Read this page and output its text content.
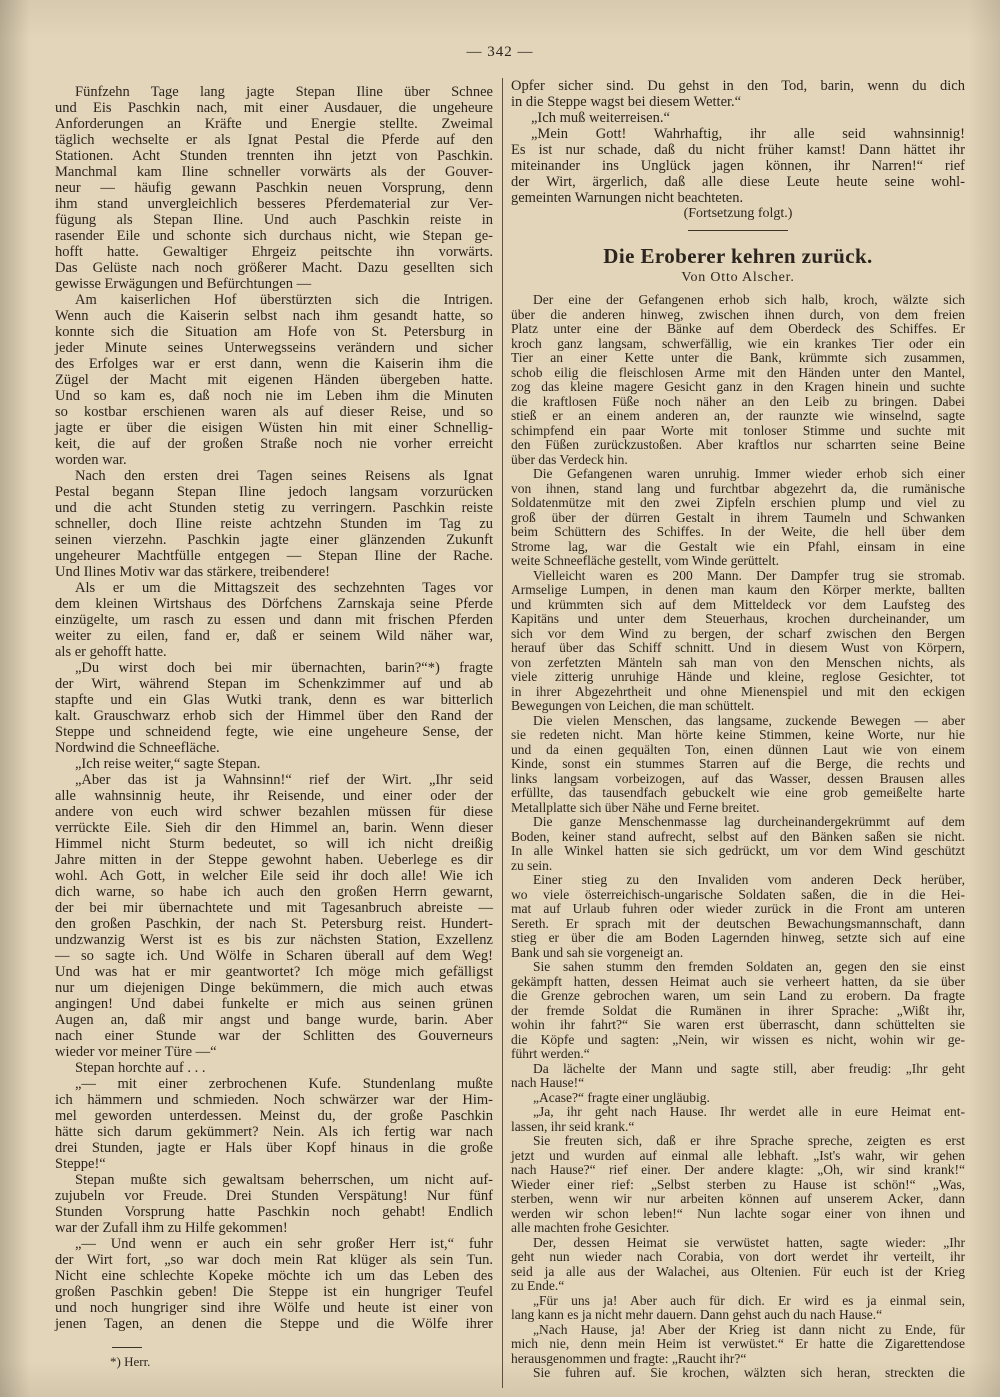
— 342 —
Fünfzehn Tage lang jagte Stepan Iline über Schnee
und Eis Paschkin nach, mit einer Ausdauer, die ungeheure
Anforderungen an Kräfte und Energie stellte. Zweimal
täglich wechselte er als Ignat Pestal die Pferde auf den
Stationen. Acht Stunden trennten ihn jetzt von Paschkin.
Manchmal kam Iline schneller vorwärts als der Gouver-
neur — häufig gewann Paschkin neuen Vorsprung, denn
ihm stand unvergleichlich besseres Pferdematerial zur Ver-
fügung als Stepan Iline. Und auch Paschkin reiste in
rasender Eile und schonte sich durchaus nicht, wie Stepan ge-
hofft hatte. Gewaltiger Ehrgeiz peitschte ihn vorwärts.
Das Gelüste nach noch größerer Macht. Dazu gesellten sich
gewisse Erwägungen und Befürchtungen —
Am kaiserlichen Hof überstürzten sich die Intrigen.
Wenn auch die Kaiserin selbst nach ihm gesandt hatte, so
konnte sich die Situation am Hofe von St. Petersburg in
jeder Minute seines Unterwegsseins verändern und sicher
des Erfolges war er erst dann, wenn die Kaiserin ihm die
Zügel der Macht mit eigenen Händen übergeben hatte.
Und so kam es, daß noch nie im Leben ihm die Minuten
so kostbar erschienen waren als auf dieser Reise, und so
jagte er über die eisigen Wüsten hin mit einer Schnellig-
keit, die auf der großen Straße noch nie vorher erreicht
worden war.
Nach den ersten drei Tagen seines Reisens als Ignat
Pestal begann Stepan Iline jedoch langsam vorzurücken
und die acht Stunden stetig zu verringern. Paschkin reiste
schneller, doch Iline reiste achtzehn Stunden im Tag zu
seinen vierzehn. Paschkin jagte einer glänzenden Zukunft
ungeheurer Machtfülle entgegen — Stepan Iline der Rache.
Und Ilines Motiv war das stärkere, treibendere!
Als er um die Mittagszeit des sechzehnten Tages vor
dem kleinen Wirtshaus des Dörfchens Zarnskaja seine Pferde
einzügelte, um rasch zu essen und dann mit frischen Pferden
weiter zu eilen, fand er, daß er seinem Wild näher war,
als er gehofft hatte.
„Du wirst doch bei mir übernachten, barin?“*) fragte
der Wirt, während Stepan im Schenkzimmer auf und ab
stapfte und ein Glas Wutki trank, denn es war bitterlich
kalt. Grauschwarz erhob sich der Himmel über den Rand der
Steppe und schneidend fegte, wie eine ungeheure Sense, der
Nordwind die Schneefläche.
„Ich reise weiter,“ sagte Stepan.
„Aber das ist ja Wahnsinn!“ rief der Wirt. „Ihr seid
alle wahnsinnig heute, ihr Reisende, und einer oder der
andere von euch wird schwer bezahlen müssen für diese
verrückte Eile. Sieh dir den Himmel an, barin. Wenn dieser
Himmel nicht Sturm bedeutet, so will ich nicht dreißig
Jahre mitten in der Steppe gewohnt haben. Ueberlege es dir
wohl. Ach Gott, in welcher Eile seid ihr doch alle! Wie ich
dich warne, so habe ich auch den großen Herrn gewarnt,
der bei mir übernachtete und mit Tagesanbruch abreiste —
den großen Paschkin, der nach St. Petersburg reist. Hundert-
undzwanzig Werst ist es bis zur nächsten Station, Exzellenz
— so sagte ich. Und Wölfe in Scharen überall auf dem Weg!
Und was hat er mir geantwortet? Ich möge mich gefälligst
nur um diejenigen Dinge bekümmern, die mich auch etwas
angingen! Und dabei funkelte er mich aus seinen grünen
Augen an, daß mir angst und bange wurde, barin. Aber
nach einer Stunde war der Schlitten des Gouverneurs
wieder vor meiner Türe —“
Stepan horchte auf . . .
„— mit einer zerbrochenen Kufe. Stundenlang mußte
ich hämmern und schmieden. Noch schwärzer war der Him-
mel geworden unterdessen. Meinst du, der große Paschkin
hätte sich darum gekümmert? Nein. Als ich fertig war nach
drei Stunden, jagte er Hals über Kopf hinaus in die große
Steppe!“
Stepan mußte sich gewaltsam beherrschen, um nicht auf-
zujubeln vor Freude. Drei Stunden Verspätung! Nur fünf
Stunden Vorsprung hatte Paschkin noch gehabt! Endlich
war der Zufall ihm zu Hilfe gekommen!
„— Und wenn er auch ein sehr großer Herr ist,“ fuhr
der Wirt fort, „so war doch mein Rat klüger als sein Tun.
Nicht eine schlechte Kopeke möchte ich um das Leben des
großen Paschkin geben! Die Steppe ist ein hungriger Teufel
und noch hungriger sind ihre Wölfe und heute ist einer von
jenen Tagen, an denen die Steppe und die Wölfe ihrer
*) Herr.
Opfer sicher sind. Du gehst in den Tod, barin, wenn du dich
in die Steppe wagst bei diesem Wetter.“
„Ich muß weiterreisen.“
„Mein Gott! Wahrhaftig, ihr alle seid wahnsinnig!
Es ist nur schade, daß du nicht früher kamst! Dann hättet ihr
miteinander ins Unglück jagen können, ihr Narren!“ rief
der Wirt, ärgerlich, daß alle diese Leute heute seine wohl-
gemeinten Warnungen nicht beachteten.
(Fortsetzung folgt.)
Die Eroberer kehren zurück.
Von Otto Alscher.
Der eine der Gefangenen erhob sich halb, kroch, wälzte sich
über die anderen hinweg, zwischen ihnen durch, von dem freien
Platz unter eine der Bänke auf dem Oberdeck des Schiffes. Er
kroch ganz langsam, schwerfällig, wie ein krankes Tier oder ein
Tier an einer Kette unter die Bank, krümmte sich zusammen,
schob eilig die fleischlosen Arme mit den Händen unter den Mantel,
zog das kleine magere Gesicht ganz in den Kragen hinein und suchte
die kraftlosen Füße noch näher an den Leib zu bringen. Dabei
stieß er an einem anderen an, der raunzte wie winselnd, sagte
schimpfend ein paar Worte mit tonloser Stimme und suchte mit
den Füßen zurückzustoßen. Aber kraftlos nur scharrten seine Beine
über das Verdeck hin.
Die Gefangenen waren unruhig. Immer wieder erhob sich einer
von ihnen, stand lang und furchtbar abgezehrt da, die rumänische
Soldatenmütze mit den zwei Zipfeln erschien plump und viel zu
groß über der dürren Gestalt in ihrem Taumeln und Schwanken
beim Schüttern des Schiffes. In der Weite, die hell über dem
Strome lag, war die Gestalt wie ein Pfahl, einsam in eine
weite Schneefläche gestellt, vom Winde gerüttelt.
Vielleicht waren es 200 Mann. Der Dampfer trug sie stromab.
Armselige Lumpen, in denen man kaum den Körper merkte, ballten
und krümmten sich auf dem Mitteldeck vor dem Laufsteg des
Kapitäns und unter dem Steuerhaus, krochen durcheinander, um
sich vor dem Wind zu bergen, der scharf zwischen den Bergen
herauf über das Schiff schnitt. Und in diesem Wust von Körpern,
von zerfetzten Mänteln sah man von den Menschen nichts, als
viele zitterig unruhige Hände und kleine, reglose Gesichter, tot
in ihrer Abgezehrtheit und ohne Mienenspiel und mit den eckigen
Bewegungen von Leichen, die man schüttelt.
Die vielen Menschen, das langsame, zuckende Bewegen — aber
sie redeten nicht. Man hörte keine Stimmen, keine Worte, nur hie
und da einen gequälten Ton, einen dünnen Laut wie von einem
Kinde, sonst ein stummes Starren auf die Berge, die rechts und
links langsam vorbeizogen, auf das Wasser, dessen Brausen alles
erfüllte, das tausendfach gebuckelt wie eine grob gemeißelte harte
Metallplatte sich über Nähe und Ferne breitet.
Die ganze Menschenmasse lag durcheinandergekrümmt auf dem
Boden, keiner stand aufrecht, selbst auf den Bänken saßen sie nicht.
In alle Winkel hatten sie sich gedrückt, um vor dem Wind geschützt
zu sein.
Einer stieg zu den Invaliden vom anderen Deck herüber,
wo viele österreichisch-ungarische Soldaten saßen, die in die Hei-
mat auf Urlaub fuhren oder wieder zurück in die Front am unteren
Sereth. Er sprach mit der deutschen Bewachungsmannschaft, dann
stieg er über die am Boden Lagernden hinweg, setzte sich auf eine
Bank und sah sie vorgeneigt an.
Sie sahen stumm den fremden Soldaten an, gegen den sie einst
gekämpft hatten, dessen Heimat auch sie verheert hatten, da sie über
die Grenze gebrochen waren, um sein Land zu erobern. Da fragte
der fremde Soldat die Rumänen in ihrer Sprache: „Wißt ihr,
wohin ihr fahrt?“ Sie waren erst überrascht, dann schüttelten sie
die Köpfe und sagten: „Nein, wir wissen es nicht, wohin wir ge-
führt werden.“
Da lächelte der Mann und sagte still, aber freudig: „Ihr geht
nach Hause!“
„Acase?“ fragte einer ungläubig.
„Ja, ihr geht nach Hause. Ihr werdet alle in eure Heimat ent-
lassen, ihr seid krank.“
Sie freuten sich, daß er ihre Sprache spreche, zeigten es erst
jetzt und wurden auf einmal alle lebhaft. „Ist's wahr, wir gehen
nach Hause?“ rief einer. Der andere klagte: „Oh, wir sind krank!“
Wieder einer rief: „Selbst sterben zu Hause ist schön!“ „Was,
sterben, wenn wir nur arbeiten können auf unserem Acker, dann
werden wir schon leben!“ Nun lachte sogar einer von ihnen und
alle machten frohe Gesichter.
Der, dessen Heimat sie verwüstet hatten, sagte wieder: „Ihr
geht nun wieder nach Corabia, von dort werdet ihr verteilt, ihr
seid ja alle aus der Walachei, aus Oltenien. Für euch ist der Krieg
zu Ende.“
„Für uns ja! Aber auch für dich. Er wird es ja einmal sein,
lang kann es ja nicht mehr dauern. Dann gehst auch du nach Hause.“
„Nach Hause, ja! Aber der Krieg ist dann nicht zu Ende, für
mich nie, denn mein Heim ist verwüstet.“ Er hatte die Zigarettendose
herausgenommen und fragte: „Raucht ihr?“
Sie fuhren auf. Sie krochen, wälzten sich heran, streckten die
